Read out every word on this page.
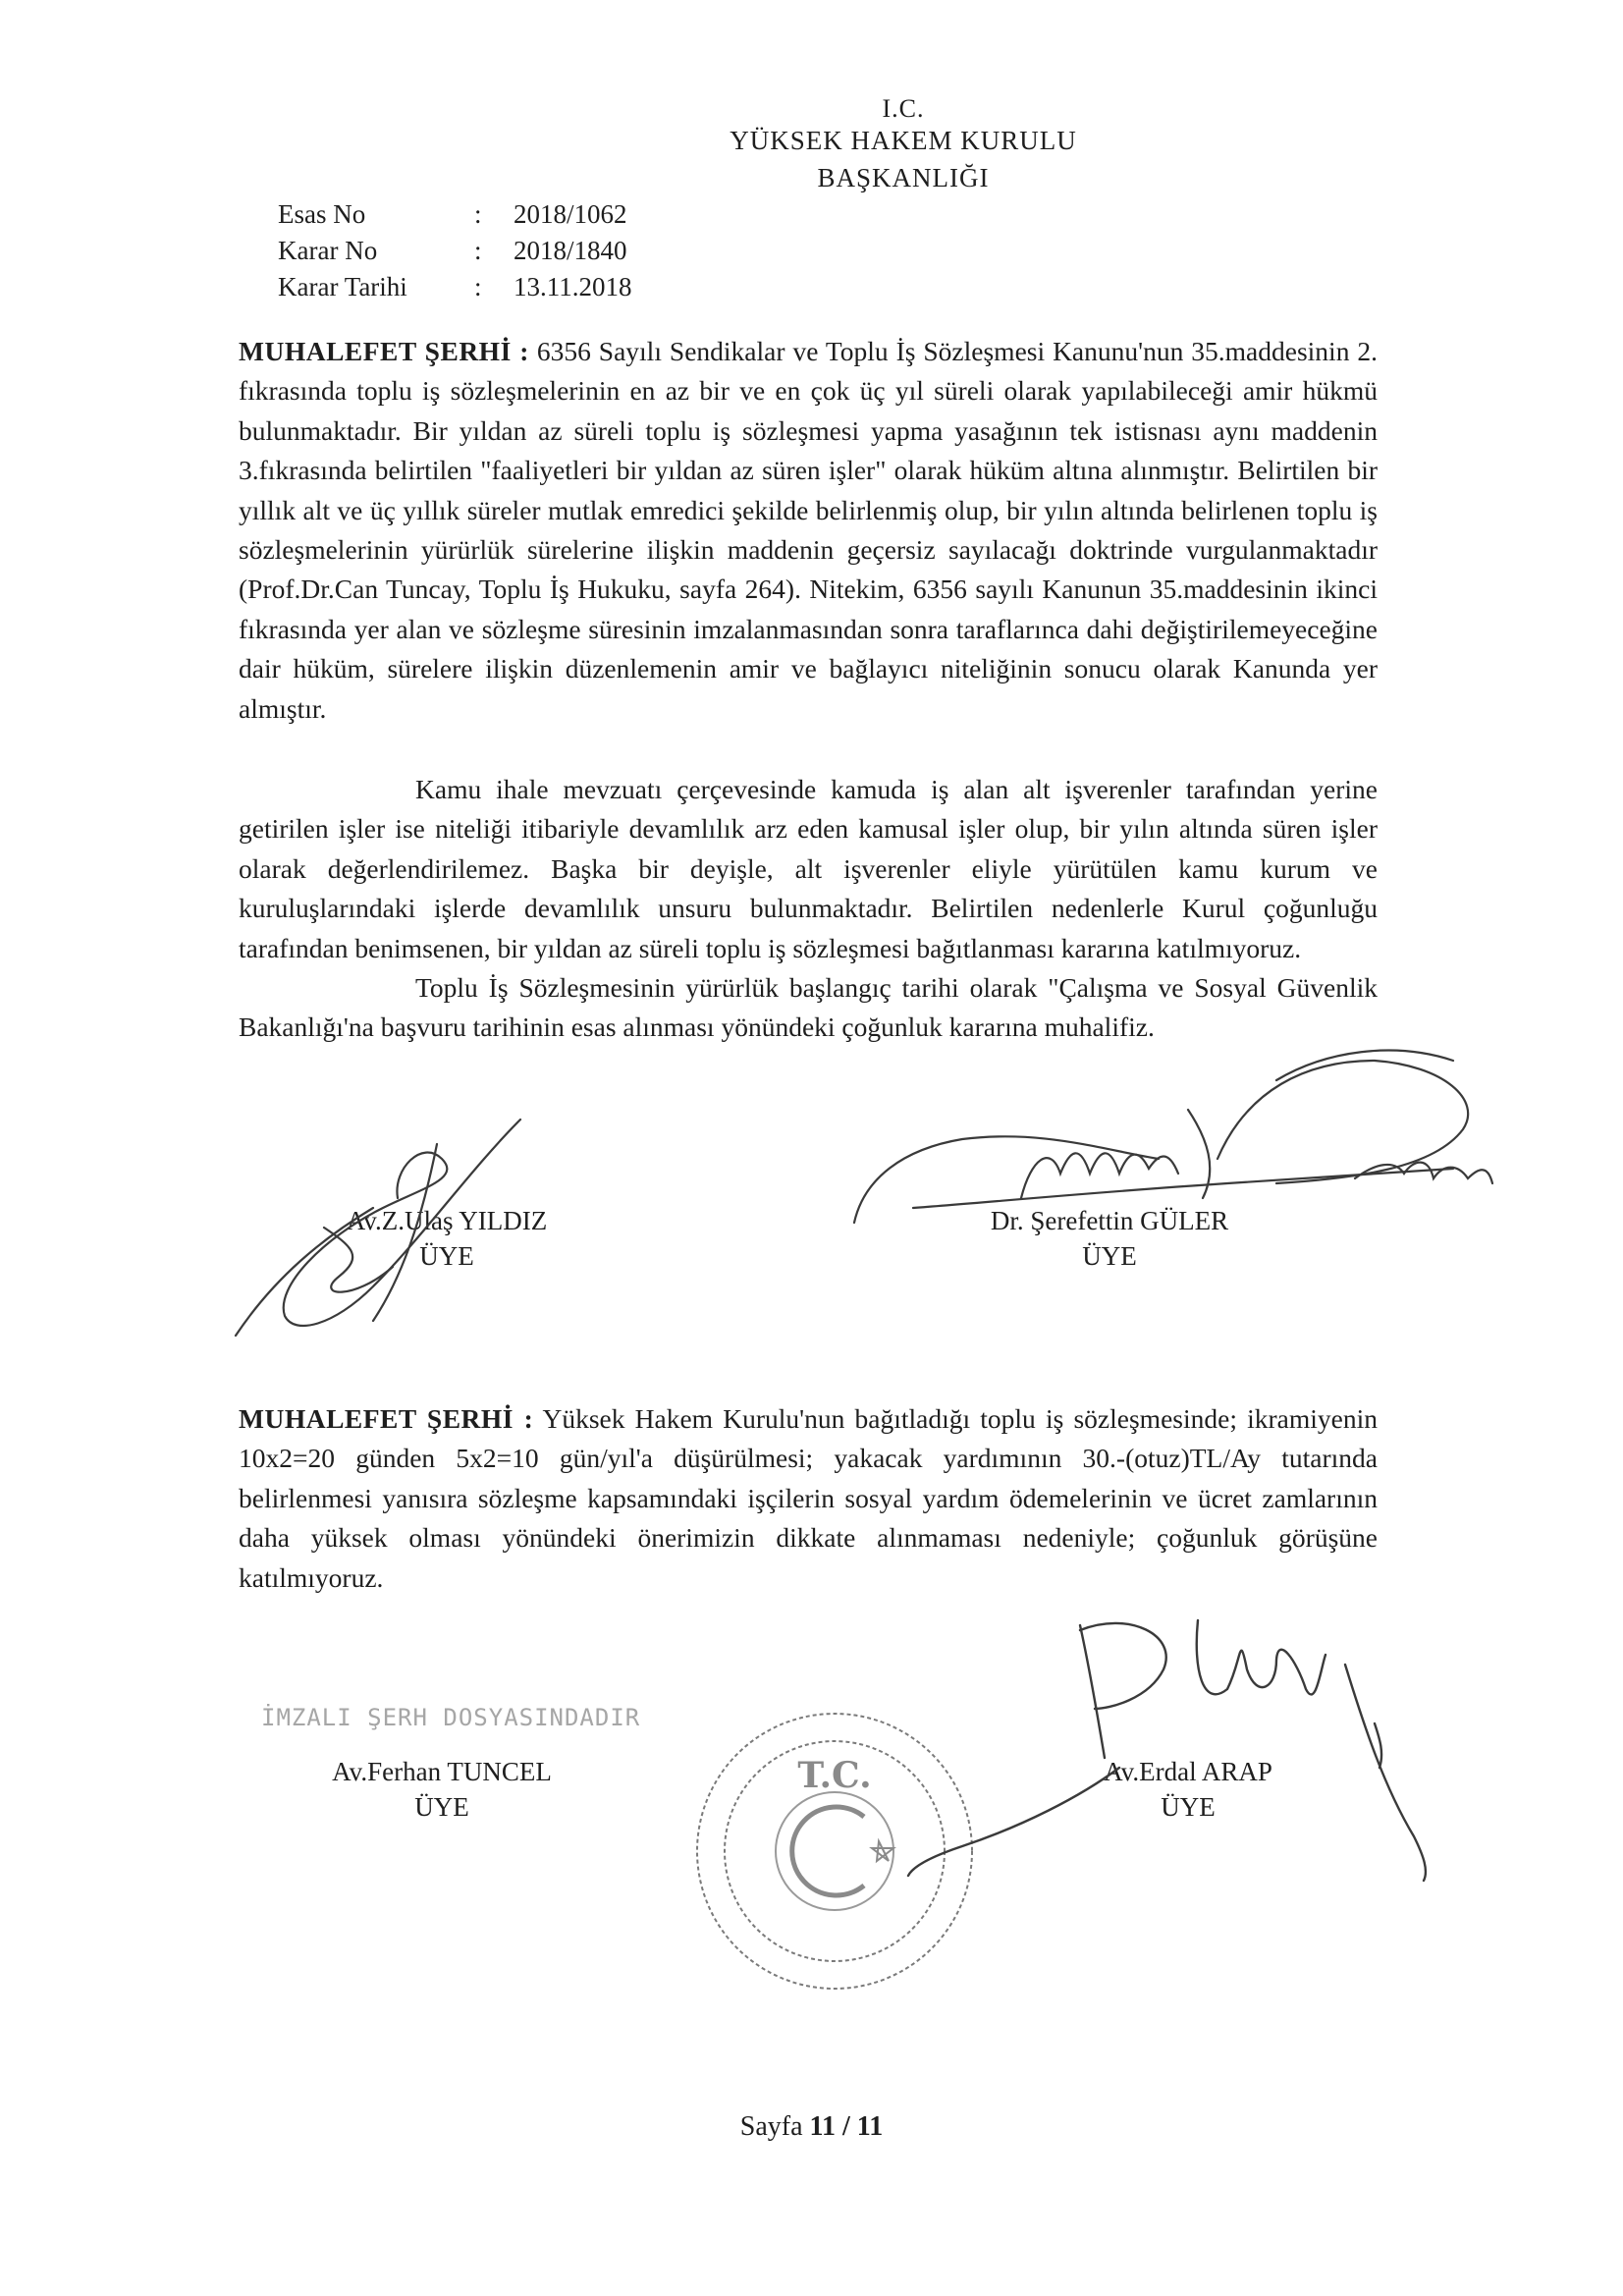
I.C.
YÜKSEK HAKEM KURULU
BAŞKANLIĞI
Esas No	:	2018/1062
Karar No	:	2018/1840
Karar Tarihi	:	13.11.2018
MUHALEFET ŞERHİ : 6356 Sayılı Sendikalar ve Toplu İş Sözleşmesi Kanunu'nun 35.maddesinin 2. fıkrasında toplu iş sözleşmelerinin en az bir ve en çok üç yıl süreli olarak yapılabileceği amir hükmü bulunmaktadır. Bir yıldan az süreli toplu iş sözleşmesi yapma yasağının tek istisnası aynı maddenin 3.fıkrasında belirtilen "faaliyetleri bir yıldan az süren işler" olarak hüküm altına alınmıştır. Belirtilen bir yıllık alt ve üç yıllık süreler mutlak emredici şekilde belirlenmiş olup, bir yılın altında belirlenen toplu iş sözleşmelerinin yürürlük sürelerine ilişkin maddenin geçersiz sayılacağı doktrinde vurgulanmaktadır (Prof.Dr.Can Tuncay, Toplu İş Hukuku, sayfa 264). Nitekim, 6356 sayılı Kanunun 35.maddesinin ikinci fıkrasında yer alan ve sözleşme süresinin imzalanmasından sonra taraflarınca dahi değiştirilemeyeceğine dair hüküm, sürelere ilişkin düzenlemenin amir ve bağlayıcı niteliğinin sonucu olarak Kanunda yer almıştır.
Kamu ihale mevzuatı çerçevesinde kamuda iş alan alt işverenler tarafından yerine getirilen işler ise niteliği itibariyle devamlılık arz eden kamusal işler olup, bir yılın altında süren işler olarak değerlendirilemez. Başka bir deyişle, alt işverenler eliyle yürütülen kamu kurum ve kuruluşlarındaki işlerde devamlılık unsuru bulunmaktadır. Belirtilen nedenlerle Kurul çoğunluğu tarafından benimsenen, bir yıldan az süreli toplu iş sözleşmesi bağıtlanması kararına katılmıyoruz.
Toplu İş Sözleşmesinin yürürlük başlangıç tarihi olarak "Çalışma ve Sosyal Güvenlik Bakanlığı'na başvuru tarihinin esas alınması yönündeki çoğunluk kararına muhalifiz.
Av.Z.Ulaş YILDIZ
ÜYE
Dr. Şerefettin GÜLER
ÜYE
MUHALEFET ŞERHİ : Yüksek Hakem Kurulu'nun bağıtladığı toplu iş sözleşmesinde; ikramiyenin 10x2=20 günden 5x2=10 gün/yıl'a düşürülmesi; yakacak yardımının 30.-(otuz)TL/Ay tutarında belirlenmesi yanısıra sözleşme kapsamındaki işçilerin sosyal yardım ödemelerinin ve ücret zamlarının daha yüksek olması yönündeki önerimizin dikkate alınmaması nedeniyle; çoğunluk görüşüne katılmıyoruz.
İMZALI ŞERH DOSYASINDADIR
Av.Ferhan TUNCEL
ÜYE
Av.Erdal ARAP
ÜYE
T.C.
Sayfa 11 / 11
